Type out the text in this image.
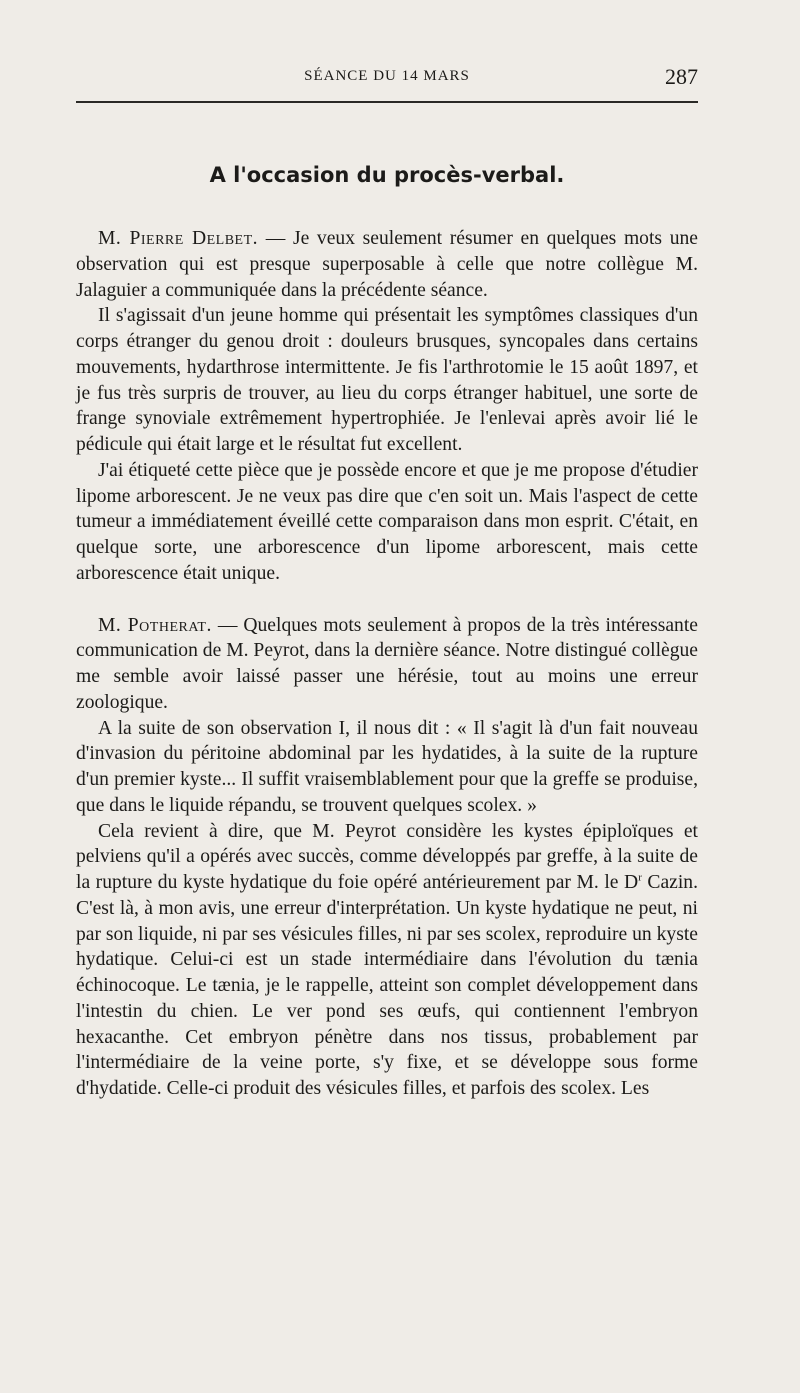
SÉANCE DU 14 MARS	287
A l'occasion du procès-verbal.

M. Pierre Delbet. — Je veux seulement résumer en quelques mots une observation qui est presque superposable à celle que notre collègue M. Jalaguier a communiquée dans la précédente séance.

Il s'agissait d'un jeune homme qui présentait les symptômes classiques d'un corps étranger du genou droit : douleurs brusques, syncopales dans certains mouvements, hydarthrose intermittente. Je fis l'arthrotomie le 15 août 1897, et je fus très surpris de trouver, au lieu du corps étranger habituel, une sorte de frange synoviale extrêmement hypertrophiée. Je l'enlevai après avoir lié le pédicule qui était large et le résultat fut excellent.

J'ai étiqueté cette pièce que je possède encore et que je me propose d'étudier lipome arborescent. Je ne veux pas dire que c'en soit un. Mais l'aspect de cette tumeur a immédiatement éveillé cette comparaison dans mon esprit. C'était, en quelque sorte, une arborescence d'un lipome arborescent, mais cette arborescence était unique.

M. Potherat. — Quelques mots seulement à propos de la très intéressante communication de M. Peyrot, dans la dernière séance. Notre distingué collègue me semble avoir laissé passer une hérésie, tout au moins une erreur zoologique.

A la suite de son observation I, il nous dit : « Il s'agit là d'un fait nouveau d'invasion du péritoine abdominal par les hydatides, à la suite de la rupture d'un premier kyste... Il suffit vraisemblablement pour que la greffe se produise, que dans le liquide répandu, se trouvent quelques scolex. »

Cela revient à dire, que M. Peyrot considère les kystes épiploïques et pelviens qu'il a opérés avec succès, comme développés par greffe, à la suite de la rupture du kyste hydatique du foie opéré antérieurement par M. le $D^r$ Cazin. C'est là, à mon avis, une erreur d'interprétation. Un kyste hydatique ne peut, ni par son liquide, ni par ses vésicules filles, ni par ses scolex, reproduire un kyste hydatique. Celui-ci est un stade intermédiaire dans l'évolution du tænia échinocoque. Le tænia, je le rappelle, atteint son complet développement dans l'intestin du chien. Le ver pond ses œufs, qui contiennent l'embryon hexacanthe. Cet embryon pénètre dans nos tissus, probablement par l'intermédiaire de la veine porte, s'y fixe, et se développe sous forme d'hydatide. Celle-ci produit des vésicules filles, et parfois des scolex. Les
